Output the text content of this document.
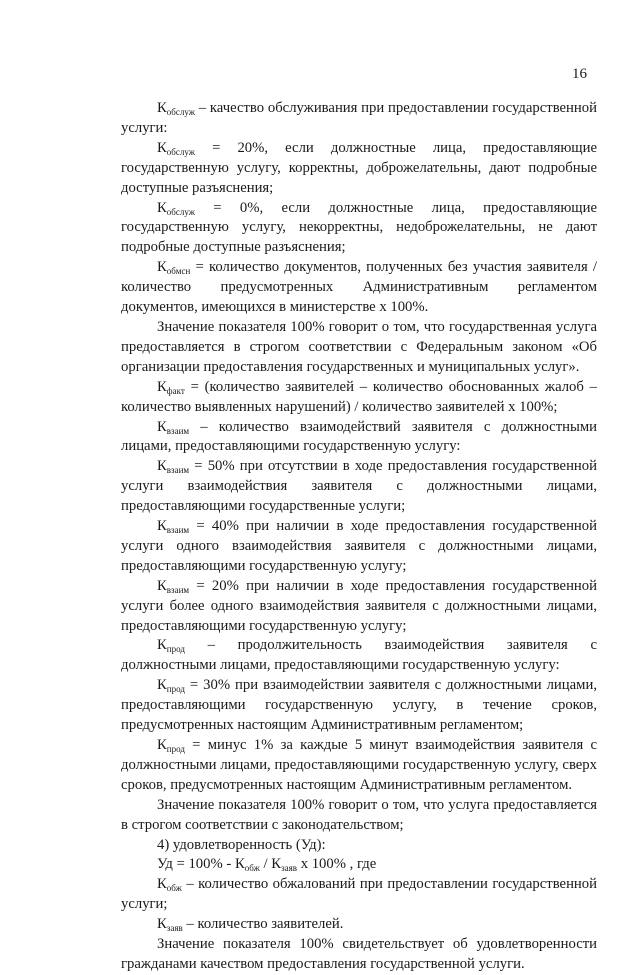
16

$К_{обслуж}$ – качество обслуживания при предоставлении государственной услуги:

$К_{обслуж} = 20\%$, если должностные лица, предоставляющие государственную услугу, корректны, доброжелательны, дают подробные доступные разъяснения;

$К_{обслуж} = 0\%$, если должностные лица, предоставляющие государственную услугу, некорректны, недоброжелательны, не дают подробные доступные разъяснения;

$К_{обмсн}$ = количество документов, полученных без участия заявителя / количество предусмотренных Административным регламентом документов, имеющихся в министерстве х 100%.

Значение показателя 100% говорит о том, что государственная услуга предоставляется в строгом соответствии с Федеральным законом «Об организации предоставления государственных и муниципальных услуг».

$К_{факт}$ = (количество заявителей – количество обоснованных жалоб – количество выявленных нарушений) / количество заявителей х 100%;

$К_{взаим}$ – количество взаимодействий заявителя с должностными лицами, предоставляющими государственную услугу:

$К_{взаим} = 50\%$ при отсутствии в ходе предоставления государственной услуги взаимодействия заявителя с должностными лицами, предоставляющими государственные услуги;

$К_{взаим} = 40\%$ при наличии в ходе предоставления государственной услуги одного взаимодействия заявителя с должностными лицами, предоставляющими государственную услугу;

$К_{взаим} = 20\%$ при наличии в ходе предоставления государственной услуги более одного взаимодействия заявителя с должностными лицами, предоставляющими государственную услугу;

$К_{прод}$ – продолжительность взаимодействия заявителя с должностными лицами, предоставляющими государственную услугу:

$К_{прод} = 30\%$ при взаимодействии заявителя с должностными лицами, предоставляющими государственную услугу, в течение сроков, предусмотренных настоящим Административным регламентом;

$К_{прод}$ = минус 1% за каждые 5 минут взаимодействия заявителя с должностными лицами, предоставляющими государственную услугу, сверх сроков, предусмотренных настоящим Административным регламентом.

Значение показателя 100% говорит о том, что услуга предоставляется в строгом соответствии с законодательством;

4) удовлетворенность (Уд):

Уд = $100\% - К_{обж} / К_{заяв}$ х 100% , где

$К_{обж}$ – количество обжалований при предоставлении государственной услуги;

$К_{заяв}$ – количество заявителей.

Значение показателя 100% свидетельствует об удовлетворенности гражданами качеством предоставления государственной услуги.
